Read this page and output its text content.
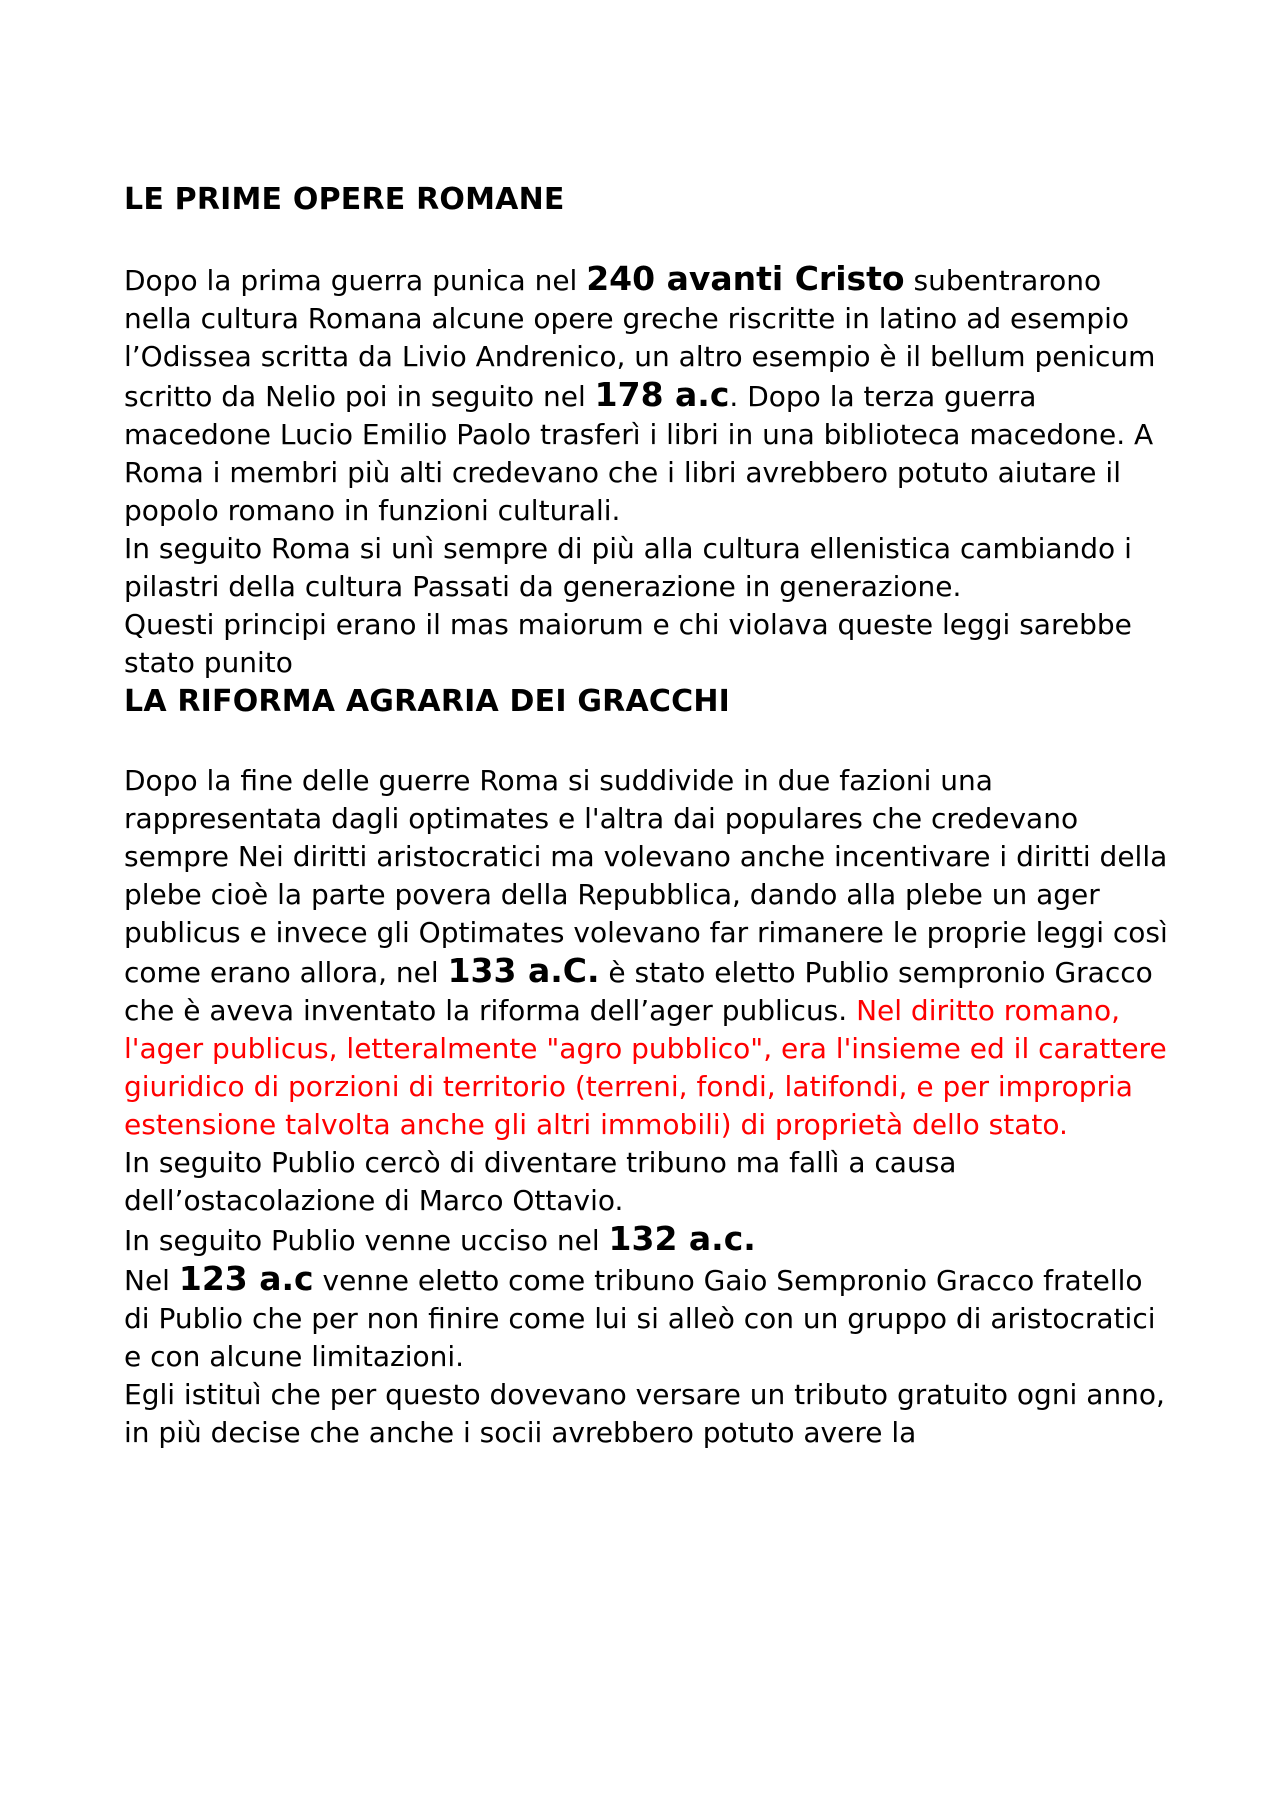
LE PRIME OPERE ROMANE

Dopo la prima guerra punica nel 240 avanti Cristo subentrarono nella cultura Romana alcune opere greche riscritte in latino ad esempio l’Odissea scritta da Livio Andrenico, un altro esempio è il bellum penicum scritto da Nelio poi in seguito nel 178 a.c. Dopo la terza guerra macedone Lucio Emilio Paolo trasferì i libri in una biblioteca macedone. A Roma i membri più alti credevano che i libri avrebbero potuto aiutare il popolo romano in funzioni culturali.

In seguito Roma si unì sempre di più alla cultura ellenistica cambiando i pilastri della cultura Passati da generazione in generazione.

Questi principi erano il mas maiorum e chi violava queste leggi sarebbe stato punito

LA RIFORMA AGRARIA DEI GRACCHI

Dopo la fine delle guerre Roma si suddivide in due fazioni una rappresentata dagli optimates e l'altra dai populares che credevano sempre Nei diritti aristocratici ma volevano anche incentivare i diritti della plebe cioè la parte povera della Repubblica, dando alla plebe un ager publicus e invece gli Optimates volevano far rimanere le proprie leggi così come erano allora, nel 133 a.C. è stato eletto Publio sempronio Gracco che è aveva inventato la riforma dell’ager publicus. Nel diritto romano, l'ager publicus, letteralmente "agro pubblico", era l'insieme ed il carattere giuridico di porzioni di territorio (terreni, fondi, latifondi, e per impropria estensione talvolta anche gli altri immobili) di proprietà dello stato.

In seguito Publio cercò di diventare tribuno ma fallì a causa dell’ostacolazione di Marco Ottavio.

In seguito Publio venne ucciso nel 132 a.c.

Nel 123 a.c venne eletto come tribuno Gaio Sempronio Gracco fratello di Publio che per non finire come lui si alleò con un gruppo di aristocratici e con alcune limitazioni.

Egli istituì che per questo dovevano versare un tributo gratuito ogni anno, in più decise che anche i socii avrebbero potuto avere la
